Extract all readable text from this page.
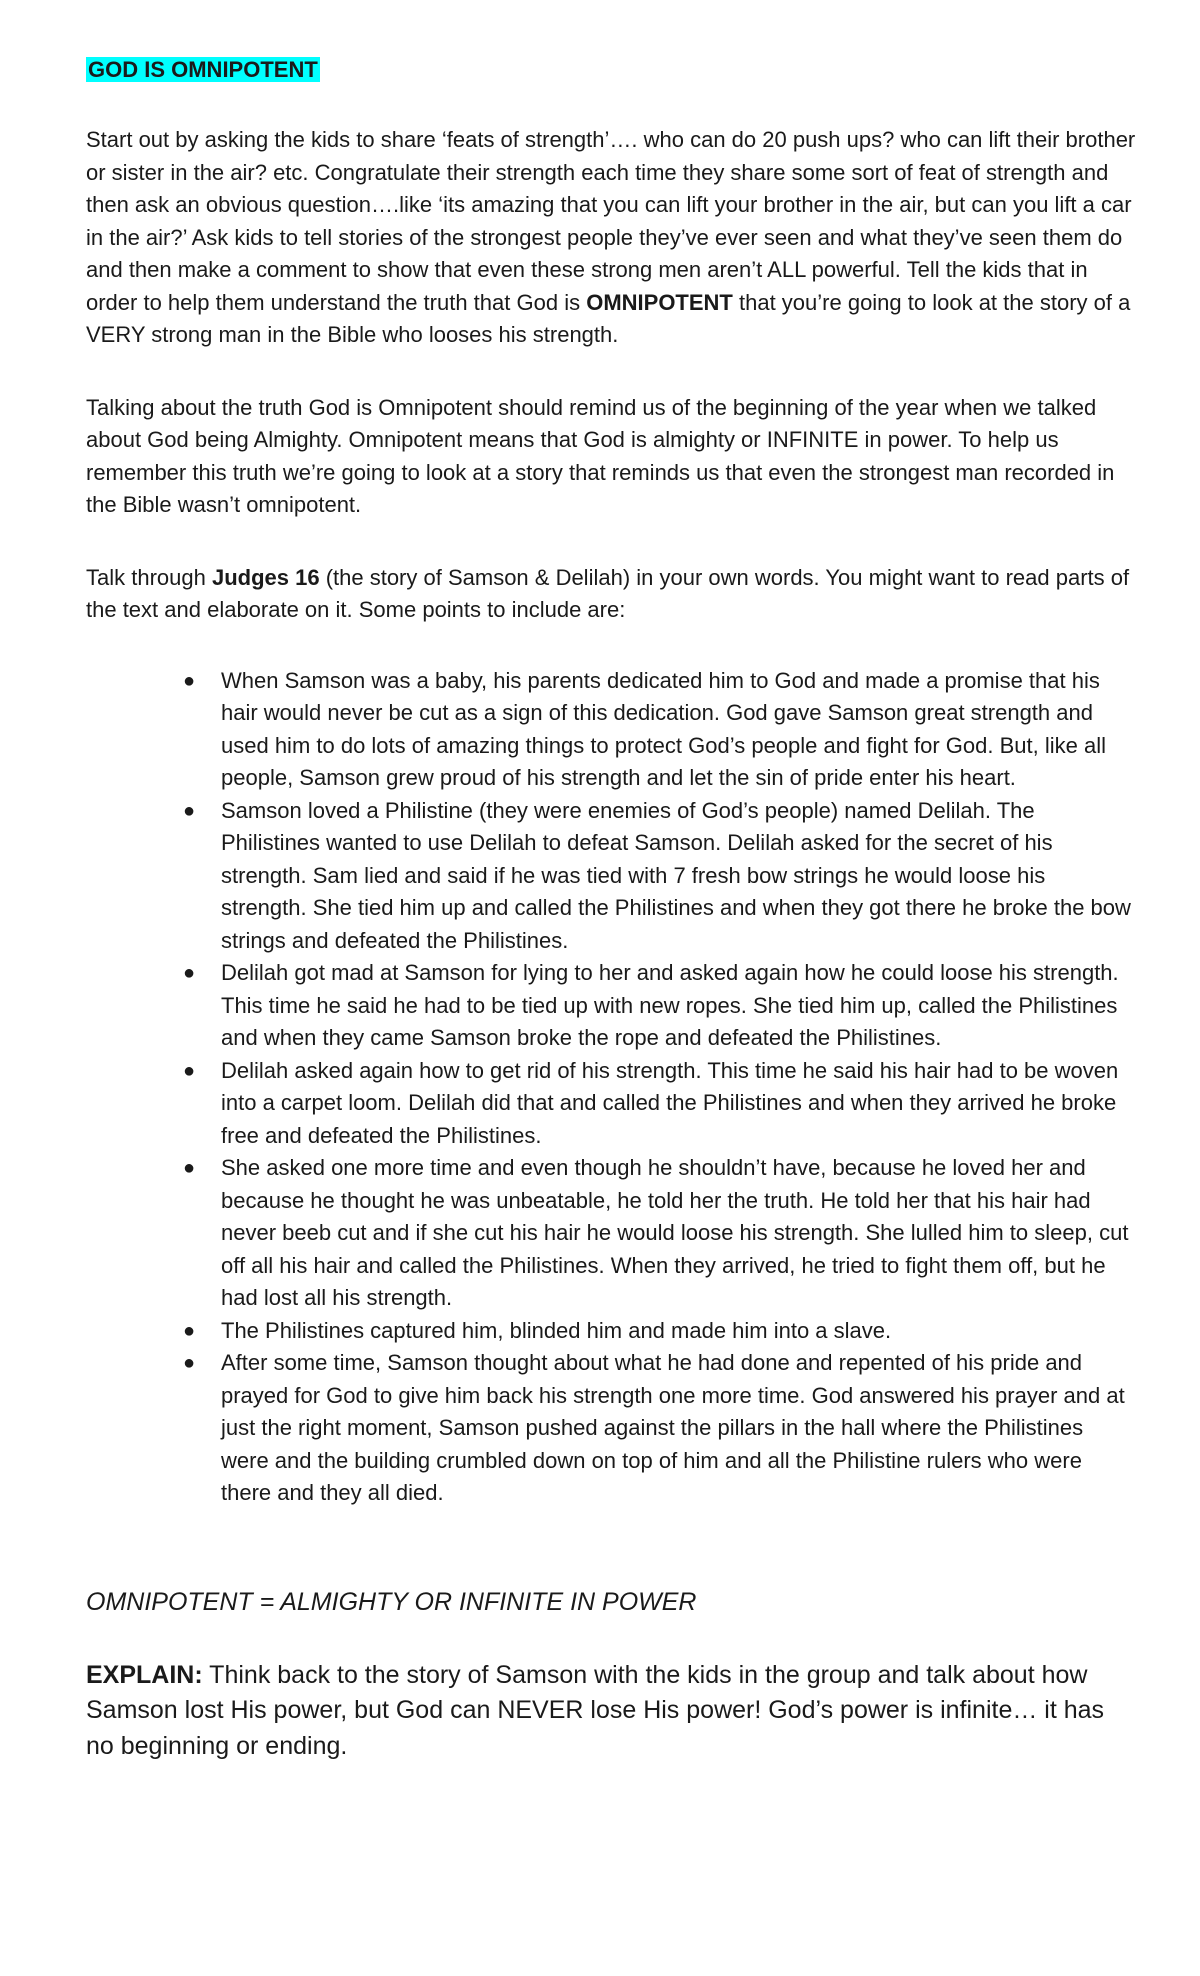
GOD IS OMNIPOTENT

Start out by asking the kids to share ‘feats of strength’…. who can do 20 push ups? who can lift their brother or sister in the air? etc. Congratulate their strength each time they share some sort of feat of strength and then ask an obvious question….like ‘its amazing that you can lift your brother in the air, but can you lift a car in the air?’ Ask kids to tell stories of the strongest people they’ve ever seen and what they’ve seen them do and then make a comment to show that even these strong men aren’t ALL powerful. Tell the kids that in order to help them understand the truth that God is OMNIPOTENT that you’re going to look at the story of a VERY strong man in the Bible who looses his strength.

Talking about the truth God is Omnipotent should remind us of the beginning of the year when we talked about God being Almighty. Omnipotent means that God is almighty or INFINITE in power. To help us remember this truth we’re going to look at a story that reminds us that even the strongest man recorded in the Bible wasn’t omnipotent.

Talk through Judges 16 (the story of Samson & Delilah) in your own words. You might want to read parts of the text and elaborate on it. Some points to include are:

● When Samson was a baby, his parents dedicated him to God and made a promise that his hair would never be cut as a sign of this dedication. God gave Samson great strength and used him to do lots of amazing things to protect God’s people and fight for God. But, like all people, Samson grew proud of his strength and let the sin of pride enter his heart.
● Samson loved a Philistine (they were enemies of God’s people) named Delilah. The Philistines wanted to use Delilah to defeat Samson. Delilah asked for the secret of his strength. Sam lied and said if he was tied with 7 fresh bow strings he would loose his strength. She tied him up and called the Philistines and when they got there he broke the bow strings and defeated the Philistines.
● Delilah got mad at Samson for lying to her and asked again how he could loose his strength. This time he said he had to be tied up with new ropes. She tied him up, called the Philistines and when they came Samson broke the rope and defeated the Philistines.
● Delilah asked again how to get rid of his strength. This time he said his hair had to be woven into a carpet loom. Delilah did that and called the Philistines and when they arrived he broke free and defeated the Philistines.
● She asked one more time and even though he shouldn’t have, because he loved her and because he thought he was unbeatable, he told her the truth. He told her that his hair had never beeb cut and if she cut his hair he would loose his strength. She lulled him to sleep, cut off all his hair and called the Philistines. When they arrived, he tried to fight them off, but he had lost all his strength.
● The Philistines captured him, blinded him and made him into a slave.
● After some time, Samson thought about what he had done and repented of his pride and prayed for God to give him back his strength one more time. God answered his prayer and at just the right moment, Samson pushed against the pillars in the hall where the Philistines were and the building crumbled down on top of him and all the Philistine rulers who were there and they all died.

OMNIPOTENT = ALMIGHTY OR INFINITE IN POWER

EXPLAIN: Think back to the story of Samson with the kids in the group and talk about how Samson lost His power, but God can NEVER lose His power! God’s power is infinite… it has no beginning or ending.
